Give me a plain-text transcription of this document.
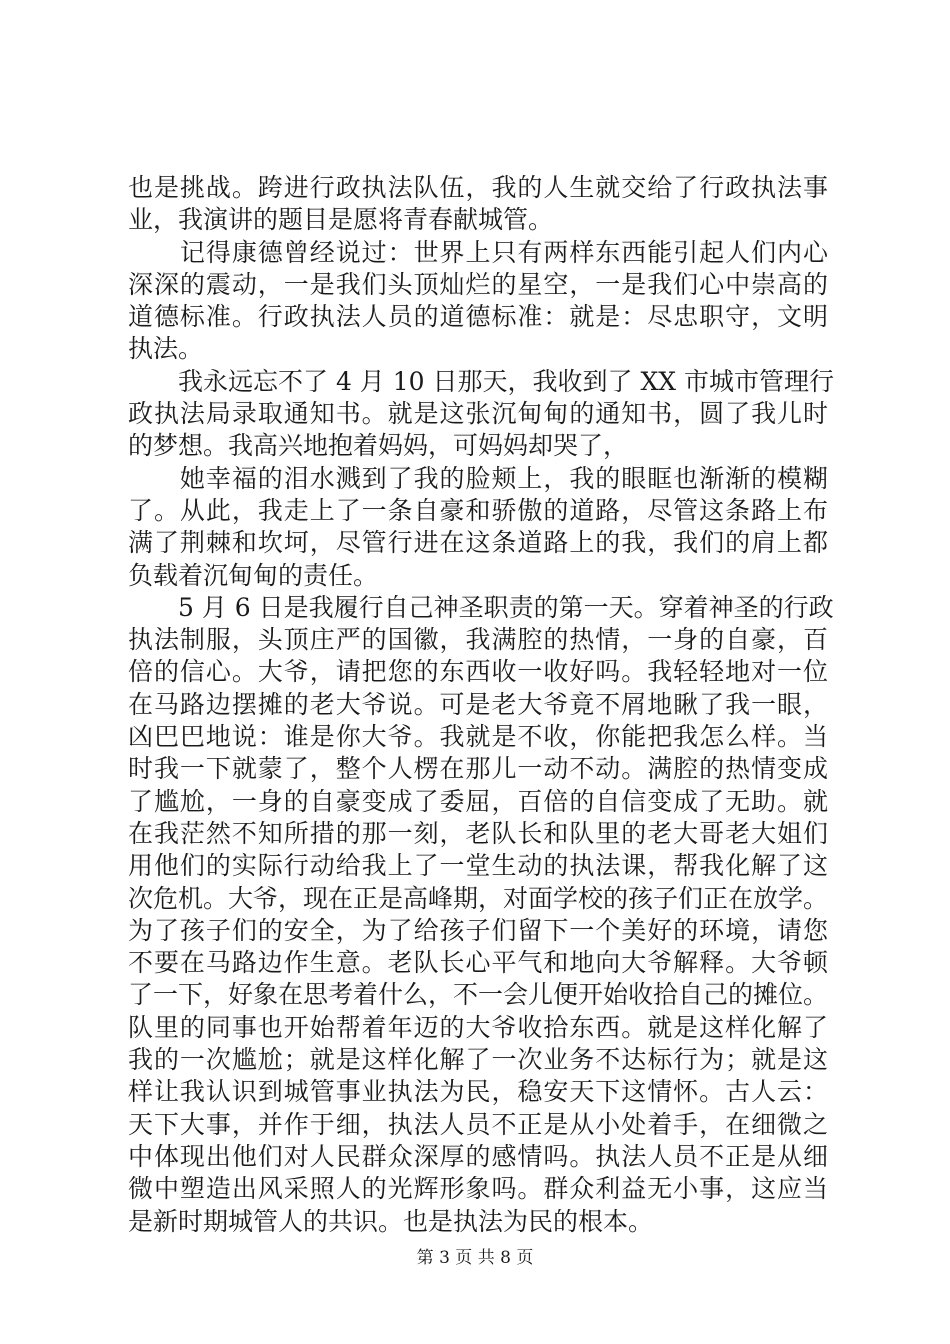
也是挑战。跨进行政执法队伍，我的人生就交给了行政执法事
业，我演讲的题目是愿将青春献城管。
　　记得康德曾经说过：世界上只有两样东西能引起人们内心
深深的震动，一是我们头顶灿烂的星空，一是我们心中崇高的
道德标准。行政执法人员的道德标准：就是：尽忠职守，文明
执法。
　　我永远忘不了 4 月 10 日那天，我收到了 XX 市城市管理行
政执法局录取通知书。就是这张沉甸甸的通知书，圆了我儿时
的梦想。我高兴地抱着妈妈，可妈妈却哭了，
　　她幸福的泪水溅到了我的脸颊上，我的眼眶也渐渐的模糊
了。从此，我走上了一条自豪和骄傲的道路，尽管这条路上布
满了荆棘和坎坷，尽管行进在这条道路上的我，我们的肩上都
负载着沉甸甸的责任。
　　5 月 6 日是我履行自己神圣职责的第一天。穿着神圣的行政
执法制服，头顶庄严的国徽，我满腔的热情，一身的自豪，百
倍的信心。大爷，请把您的东西收一收好吗。我轻轻地对一位
在马路边摆摊的老大爷说。可是老大爷竟不屑地瞅了我一眼，
凶巴巴地说：谁是你大爷。我就是不收，你能把我怎么样。当
时我一下就蒙了，整个人楞在那儿一动不动。满腔的热情变成
了尴尬，一身的自豪变成了委屈，百倍的自信变成了无助。就
在我茫然不知所措的那一刻，老队长和队里的老大哥老大姐们
用他们的实际行动给我上了一堂生动的执法课，帮我化解了这
次危机。大爷，现在正是高峰期，对面学校的孩子们正在放学。
为了孩子们的安全，为了给孩子们留下一个美好的环境，请您
不要在马路边作生意。老队长心平气和地向大爷解释。大爷顿
了一下，好象在思考着什么，不一会儿便开始收拾自己的摊位。
队里的同事也开始帮着年迈的大爷收拾东西。就是这样化解了
我的一次尴尬；就是这样化解了一次业务不达标行为；就是这
样让我认识到城管事业执法为民，稳安天下这情怀。古人云：
天下大事，并作于细，执法人员不正是从小处着手，在细微之
中体现出他们对人民群众深厚的感情吗。执法人员不正是从细
微中塑造出风采照人的光辉形象吗。群众利益无小事，这应当
是新时期城管人的共识。也是执法为民的根本。
第 3 页 共 8 页
